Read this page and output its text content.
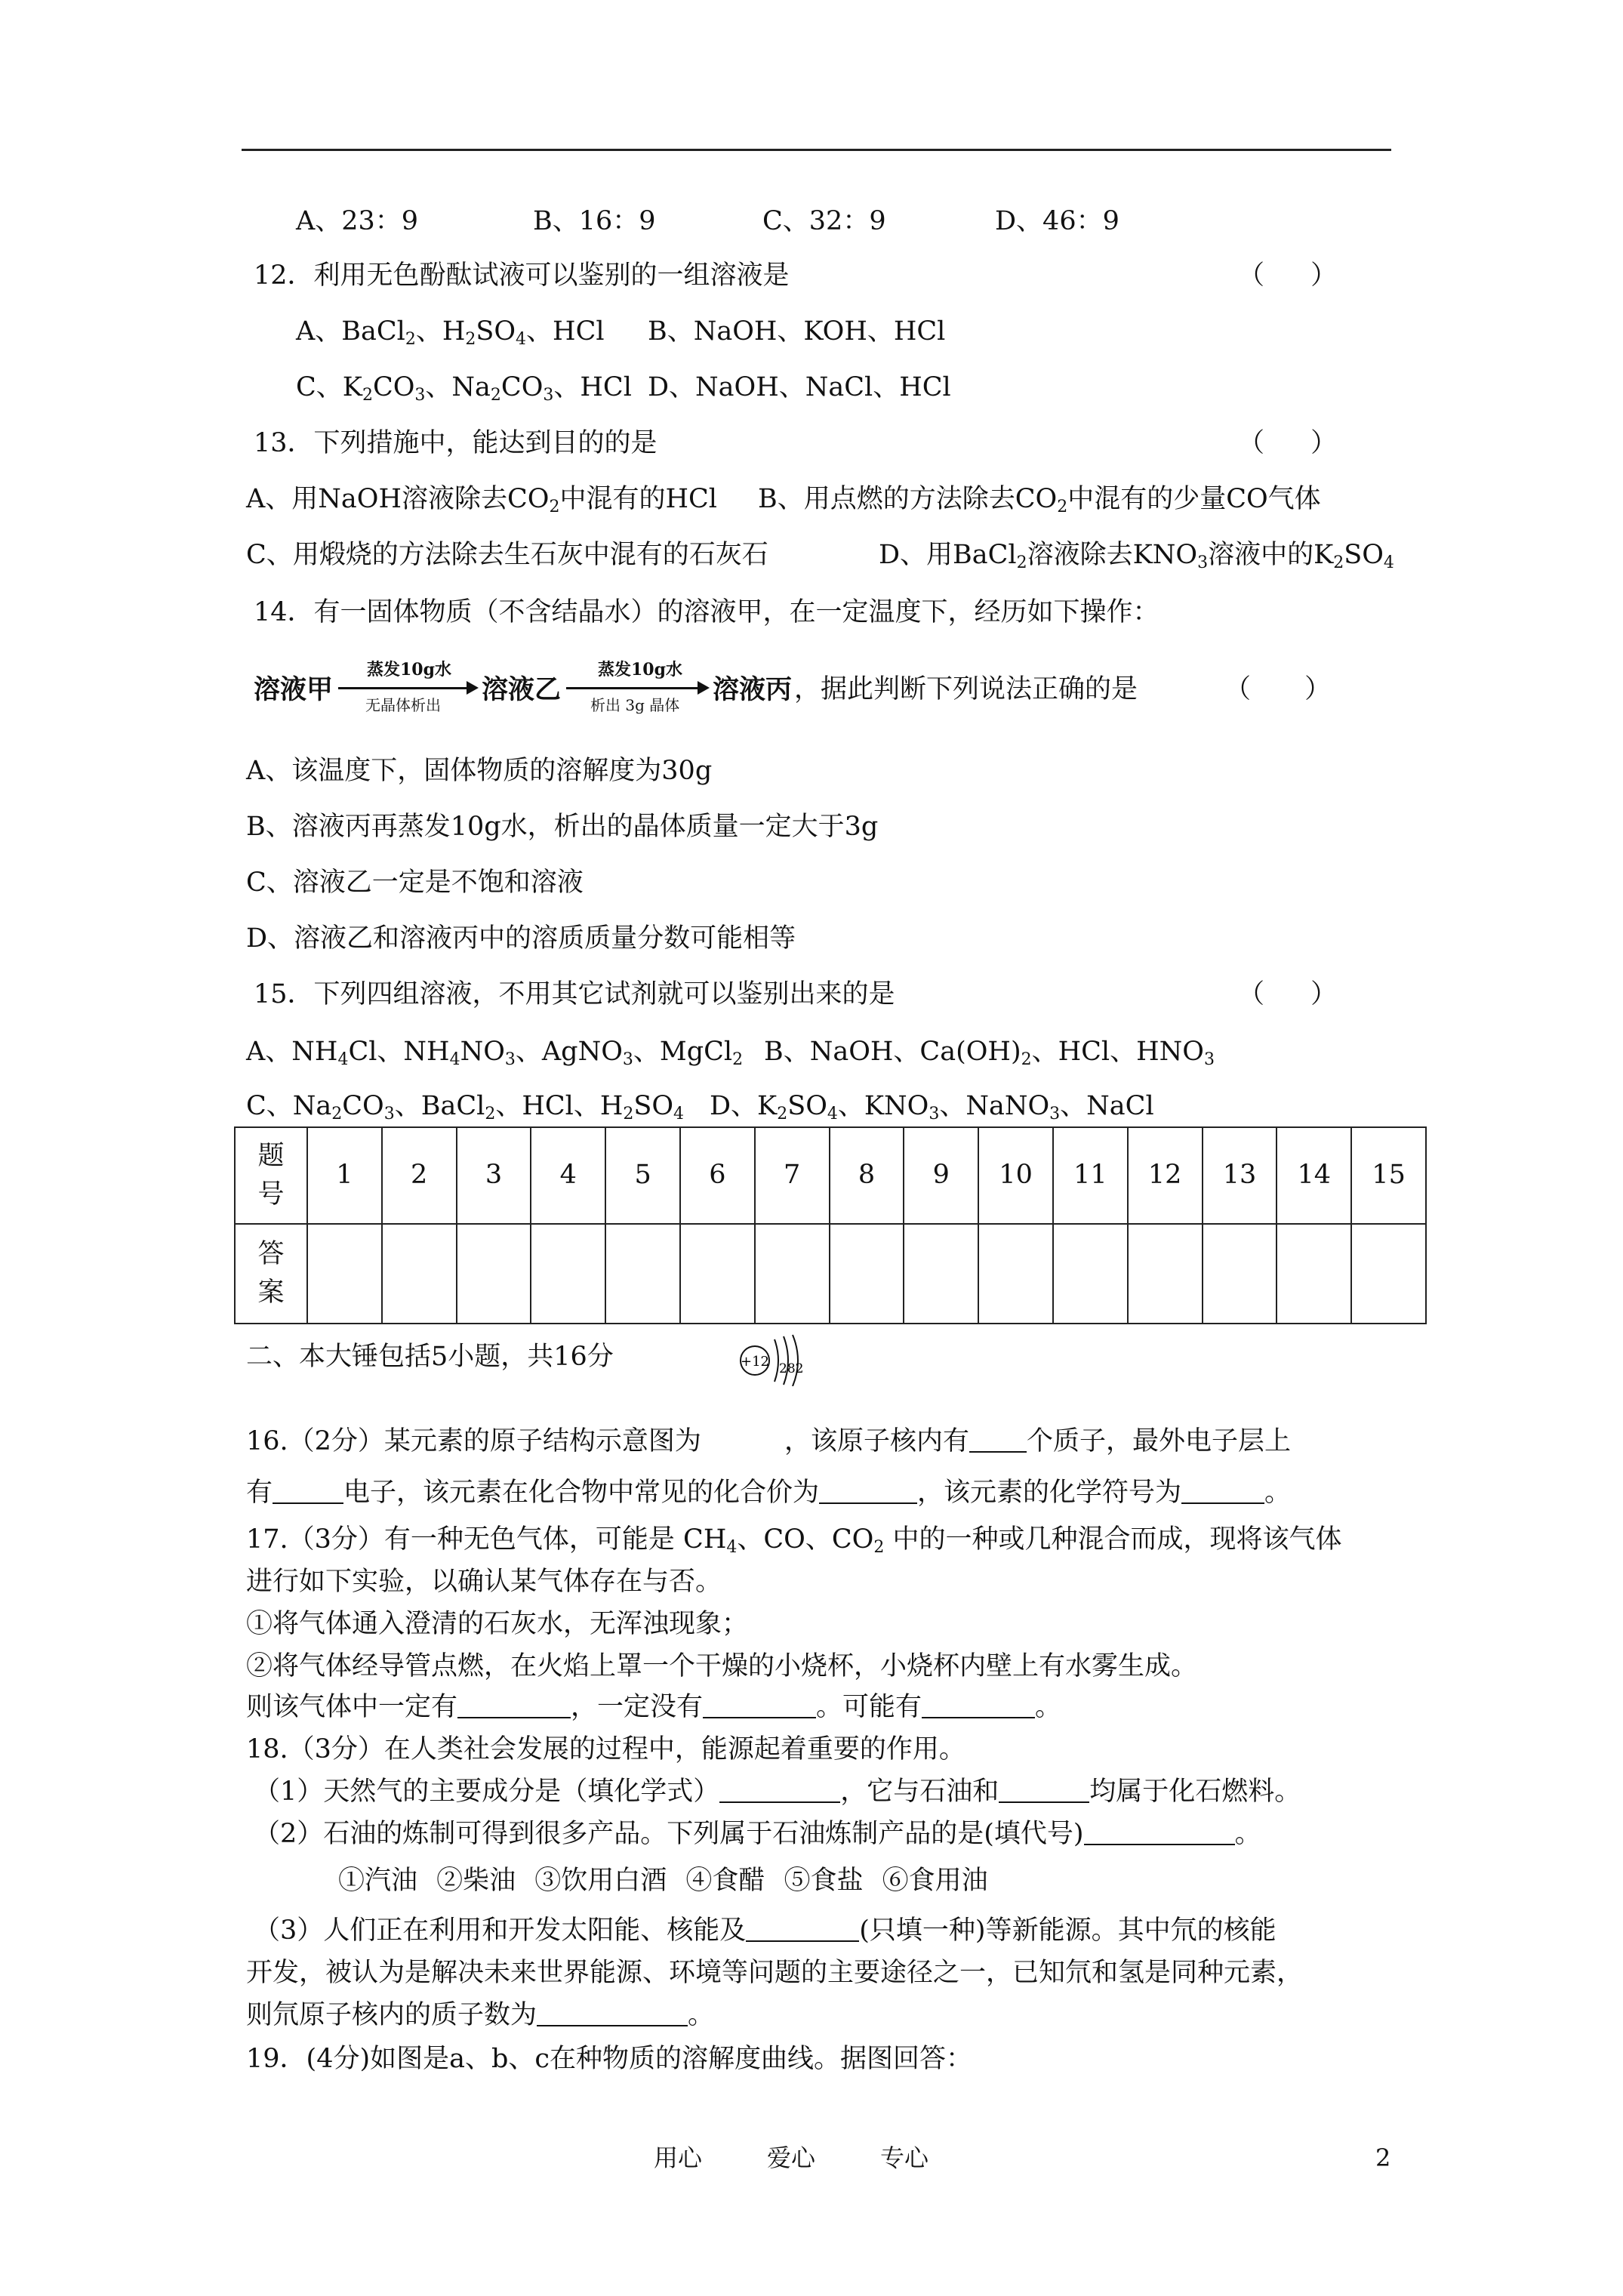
A、23：9	B、16：9	C、32：9	D、46：9
12．利用无色酚酞试液可以鉴别的一组溶液是	（ ）
A、BaCl$_2$、$H_2SO_4$、HCl B、NaOH、KOH、HCl
C、$K_2CO_3$、$Na_2CO_3$、HCl D、NaOH、NaCl、HCl
13．下列措施中，能达到目的的是	（ ）
A、用NaOH溶液除去$CO_2$中混有的HCl B、用点燃的方法除去$CO_2$中混有的少量CO气体
C、用煅烧的方法除去生石灰中混有的石灰石	D、用BaCl$_2$溶液除去$KNO_3$溶液中的$K_2SO_4$
14．有一固体物质（不含结晶水）的溶液甲，在一定温度下，经历如下操作：
溶液甲
蒸发10g水
无晶体析出 溶液乙
蒸发10g水
析出 3g 晶体 溶液丙 ，据此判断下列说法正确的是	（ ）
A、该温度下，固体物质的溶解度为30g
B、溶液丙再蒸发10g水，析出的晶体质量一定大于3g
C、溶液乙一定是不饱和溶液
D、溶液乙和溶液丙中的溶质质量分数可能相等
15．下列四组溶液，不用其它试剂就可以鉴别出来的是	（ ）
A、$NH_4Cl$、$NH_4NO_3$、AgNO$_3$、MgCl$_2$ B、NaOH、$Ca(OH)_2$、HCl、$HNO_3$
C、$Na_2CO_3$、BaCl$_2$、HCl、$H_2SO_4$ D、$K_2SO_4$、$KNO_3$、NaNO$_3$、NaCl
题号	1	2	3	4	5	6	7	8	9	10	11	12	13	14	15
答案															
二、本大锤包括5小题，共16分
16.（2分）某元素的原子结构示意图为	，该原子核内有 个质子，最外电子层上
+12 282
有	电子，该元素在化合物中常见的化合价为	，该元素的化学符号为	。
17.（3分）有一种无色气体，可能是 $CH_4$、CO、$CO_2$ 中的一种或几种混合而成，现将该气体
进行如下实验，以确认某气体存在与否。
①将气体通入澄清的石灰水，无浑浊现象；
②将气体经导管点燃，在火焰上罩一个干燥的小烧杯，小烧杯内壁上有水雾生成。
则该气体中一定有	，一定没有	。可能有	。
18.（3分）在人类社会发展的过程中，能源起着重要的作用。
（1）天然气的主要成分是（填化学式）	，它与石油和	均属于化石燃料。
（2）石油的炼制可得到很多产品。下列属于石油炼制产品的是(填代号)	。
①汽油 ②柴油 ③饮用白酒 ④食醋 ⑤食盐 ⑥食用油
（3）人们正在利用和开发太阳能、核能及	(只填一种)等新能源。其中氘的核能
开发，被认为是解决未来世界能源、环境等问题的主要途径之一，已知氘和氢是同种元素，
则氘原子核内的质子数为	。
19．(4分)如图是a、b、c在种物质的溶解度曲线。据图回答：
用心	爱心	专心	2
